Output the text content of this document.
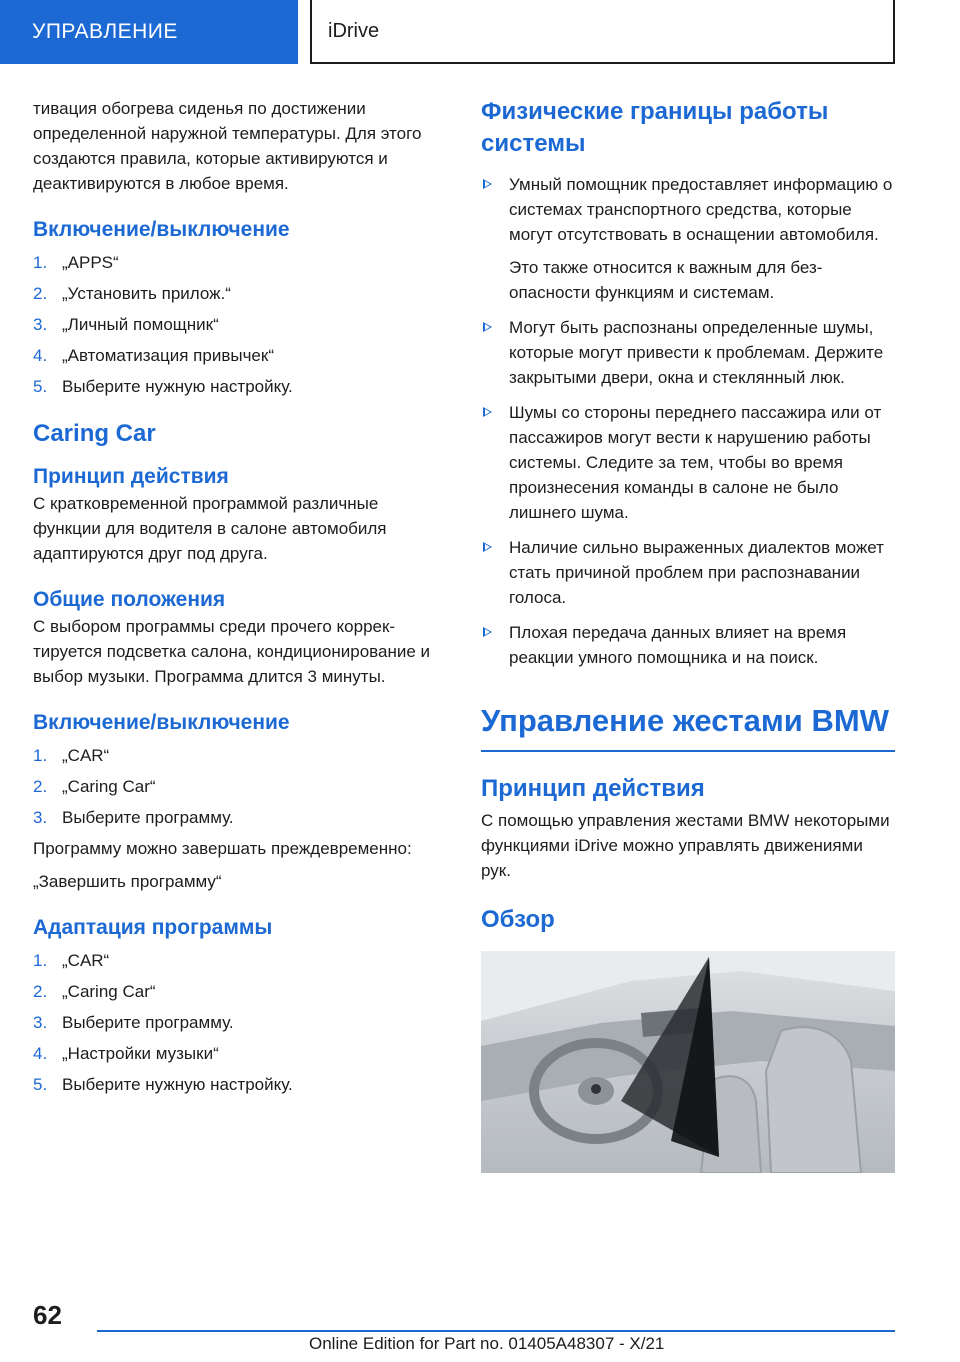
УПРАВЛЕНИЕ	iDrive

тивация обогрева сиденья по достижении определенной наружной температуры. Для этого создаются правила, которые активируются и деактивируются в любое время.

Включение/выключение
1. „APPS“
2. „Установить прилож.“
3. „Личный помощник“
4. „Автоматизация привычек“
5. Выберите нужную настройку.
Caring Car
Принцип действия

С кратковременной программой различные функции для водителя в салоне автомобиля адаптируются друг под друга.

Общие положения

С выбором программы среди прочего корректируется подсветка салона, кондиционирование и выбор музыки. Программа длится 3 минуты.

Включение/выключение
1. „CAR“
2. „Caring Car“
3. Выберите программу.

Программу можно завершать преждевременно:

„Завершить программу“

Адаптация программы
1. „CAR“
2. „Caring Car“
3. Выберите программу.
4. „Настройки музыки“
5. Выберите нужную настройку.
Физические границы работы системы

Умный помощник предоставляет информацию о системах транспортного средства, которые могут отсутствовать в оснащении автомобиля.

Это также относится к важным для безопасности функциям и системам.

Могут быть распознаны определенные шумы, которые могут привести к проблемам. Держите закрытыми двери, окна и стеклянный люк.

Шумы со стороны переднего пассажира или от пассажиров могут вести к нарушению работы системы. Следите за тем, чтобы во время произнесения команды в салоне не было лишнего шума.

Наличие сильно выраженных диалектов может стать причиной проблем при распознавании голоса.

Плохая передача данных влияет на время реакции умного помощника и на поиск.

Управление жестами BMW
Принцип действия

С помощью управления жестами BMW некоторыми функциями iDrive можно управлять движениями рук.

Обзор
62
Online Edition for Part no. 01405A48307 - X/21
